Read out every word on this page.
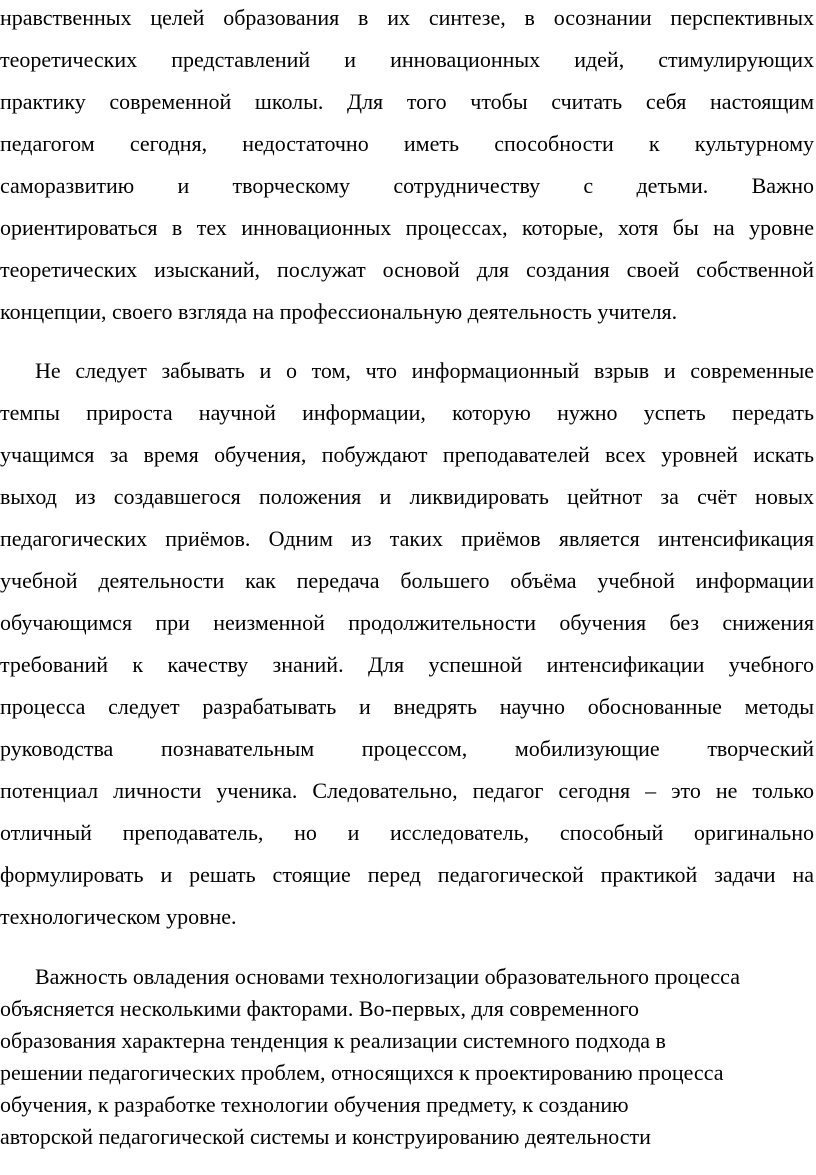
нравственных целей образования в их синтезе, в осознании перспективных
теоретических представлений и инновационных идей, стимулирующих
практику современной школы. Для того чтобы считать себя настоящим
педагогом сегодня, недостаточно иметь способности к культурному
саморазвитию и творческому сотрудничеству с детьми. Важно
ориентироваться в тех инновационных процессах, которые, хотя бы на уровне
теоретических изысканий, послужат основой для создания своей собственной
концепции, своего взгляда на профессиональную деятельность учителя.
Не следует забывать и о том, что информационный взрыв и современные
темпы прироста научной информации, которую нужно успеть передать
учащимся за время обучения, побуждают преподавателей всех уровней искать
выход из создавшегося положения и ликвидировать цейтнот за счёт новых
педагогических приёмов. Одним из таких приёмов является интенсификация
учебной деятельности как передача большего объёма учебной информации
обучающимся при неизменной продолжительности обучения без снижения
требований к качеству знаний. Для успешной интенсификации учебного
процесса следует разрабатывать и внедрять научно обоснованные методы
руководства познавательным процессом, мобилизующие творческий
потенциал личности ученика. Следовательно, педагог сегодня – это не только
отличный преподаватель, но и исследователь, способный оригинально
формулировать и решать стоящие перед педагогической практикой задачи на
технологическом уровне.
Важность овладения основами технологизации образовательного процесса
объясняется несколькими факторами. Во-первых, для современного
образования характерна тенденция к реализации системного подхода в
решении педагогических проблем, относящихся к проектированию процесса
обучения, к разработке технологии обучения предмету, к созданию
авторской педагогической системы и конструированию деятельности
